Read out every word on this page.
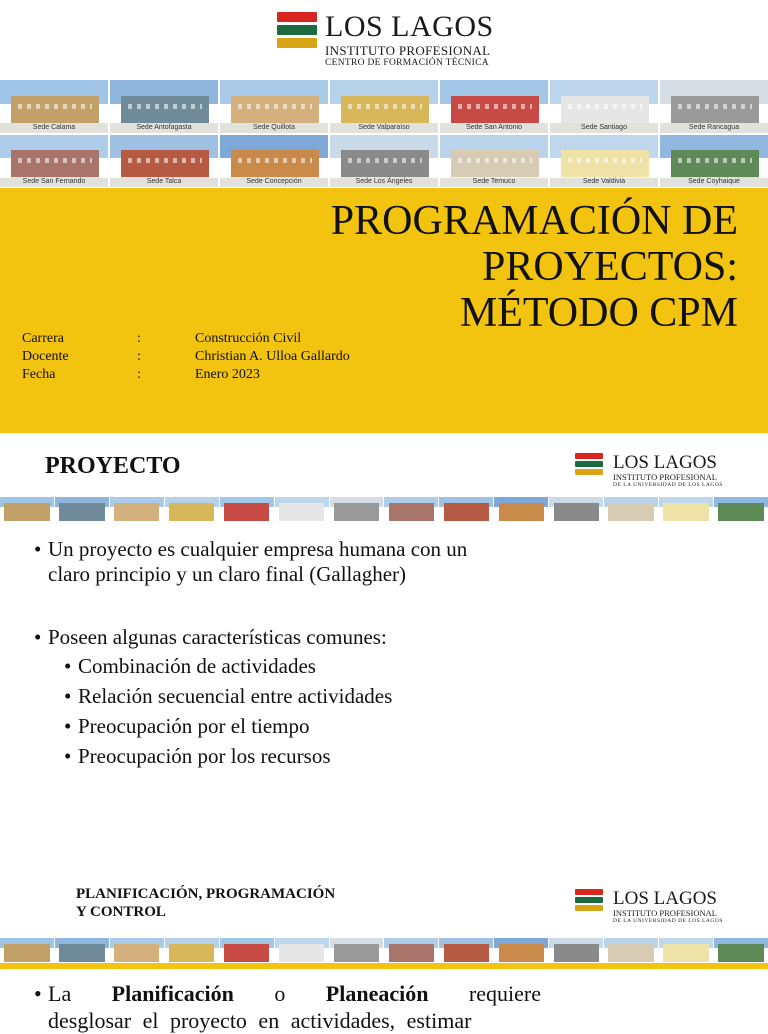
LOS LAGOS
INSTITUTO PROFESIONAL
CENTRO DE FORMACIÓN TÉCNICA
Sede Calama	Sede Antofagasta	Sede Quillota	Sede Valparaíso	Sede San Antonio	Sede Santiago	Sede Rancagua
Sede San Fernando	Sede Talca	Sede Concepción	Sede Los Ángeles	Sede Temuco	Sede Valdivia	Sede Coyhaique
PROGRAMACIÓN DE
PROYECTOS:
MÉTODO CPM
Carrera	:	Construcción Civil
Docente	:	Christian A. Ulloa Gallardo
Fecha	:	Enero 2023
PROYECTO	LOS LAGOS
INSTITUTO PROFESIONAL
DE LA UNIVERSIDAD DE LOS LAGOS
• Un proyecto es cualquier empresa humana con un
claro principio y un claro final (Gallagher)
• Poseen algunas características comunes:
• Combinación de actividades
• Relación secuencial entre actividades
• Preocupación por el tiempo
• Preocupación por los recursos
PLANIFICACIÓN, PROGRAMACIÓN
Y CONTROL
LOS LAGOS
INSTITUTO PROFESIONAL
DE LA UNIVERSIDAD DE LOS LAGOS
• La Planificación o Planeación requiere
desglosar el proyecto en actividades, estimar
